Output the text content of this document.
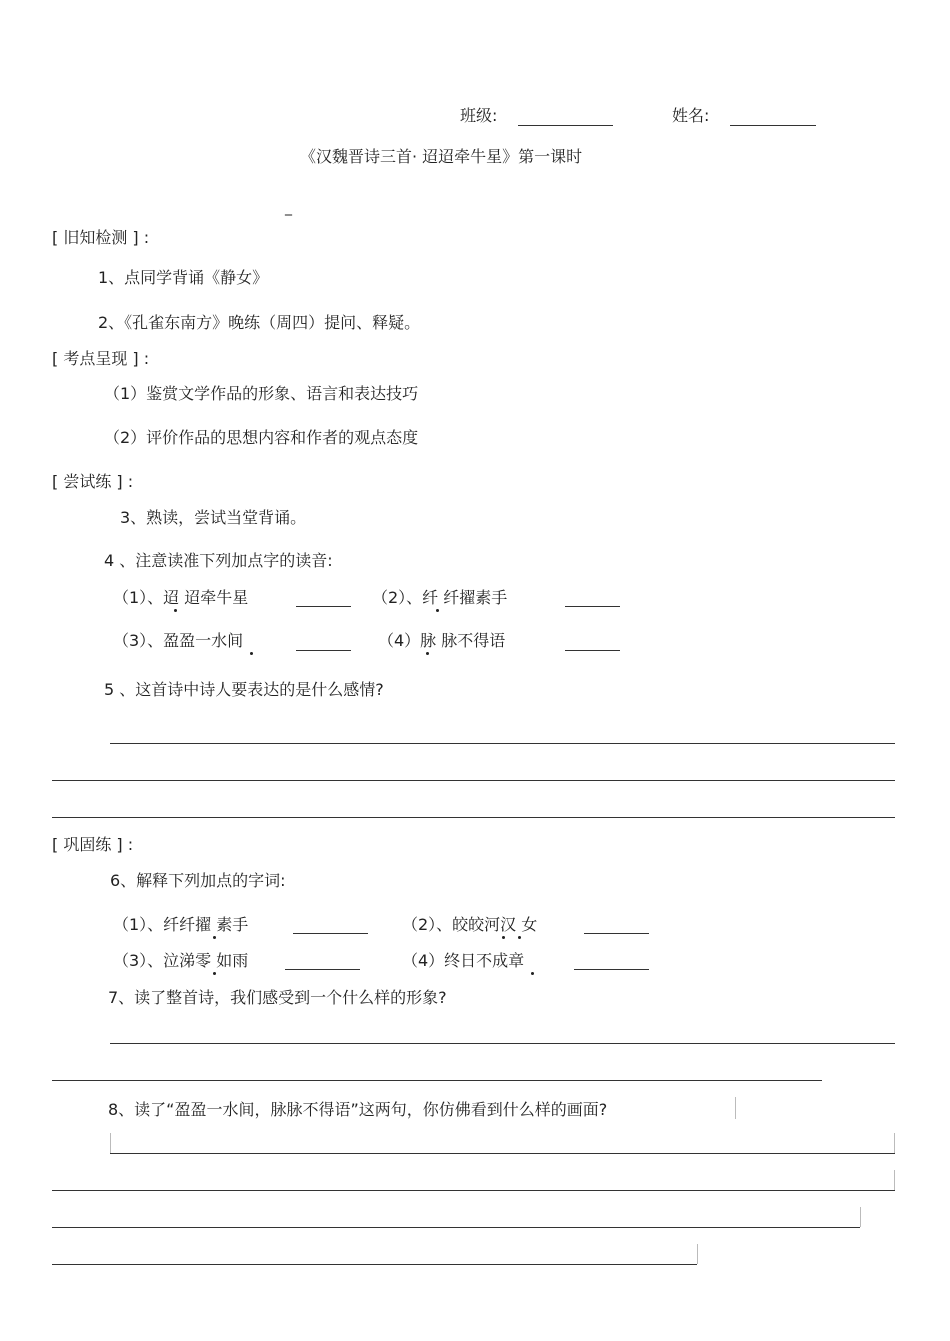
班级:	姓名:
《汉魏晋诗三首· 迢迢牵牛星》第一课时
_
[ 旧知检测 ] :
1、点同学背诵《静女》
2、《孔雀东南方》晚练（周四）提问、释疑。
[ 考点呈现 ] :
（1）鉴赏文学作品的形象、语言和表达技巧
（2）评价作品的思想内容和作者的观点态度
[ 尝试练 ] :
3、熟读，尝试当堂背诵。
4 、注意读准下列加点字的读音:
（1）、迢 迢牵牛星	（2）、纤 纤擢素手
（3）、盈盈一水间	（4）脉 脉不得语
5 、这首诗中诗人要表达的是什么感情?
[ 巩固练 ] :
6、解释下列加点的字词:
（1）、纤纤擢 素手	（2）、皎皎河汉 女
（3）、泣涕零 如雨	（4）终日不成章
7、读了整首诗，我们感受到一个什么样的形象?
8、读了“盈盈一水间，脉脉不得语”这两句，你仿佛看到什么样的画面?
